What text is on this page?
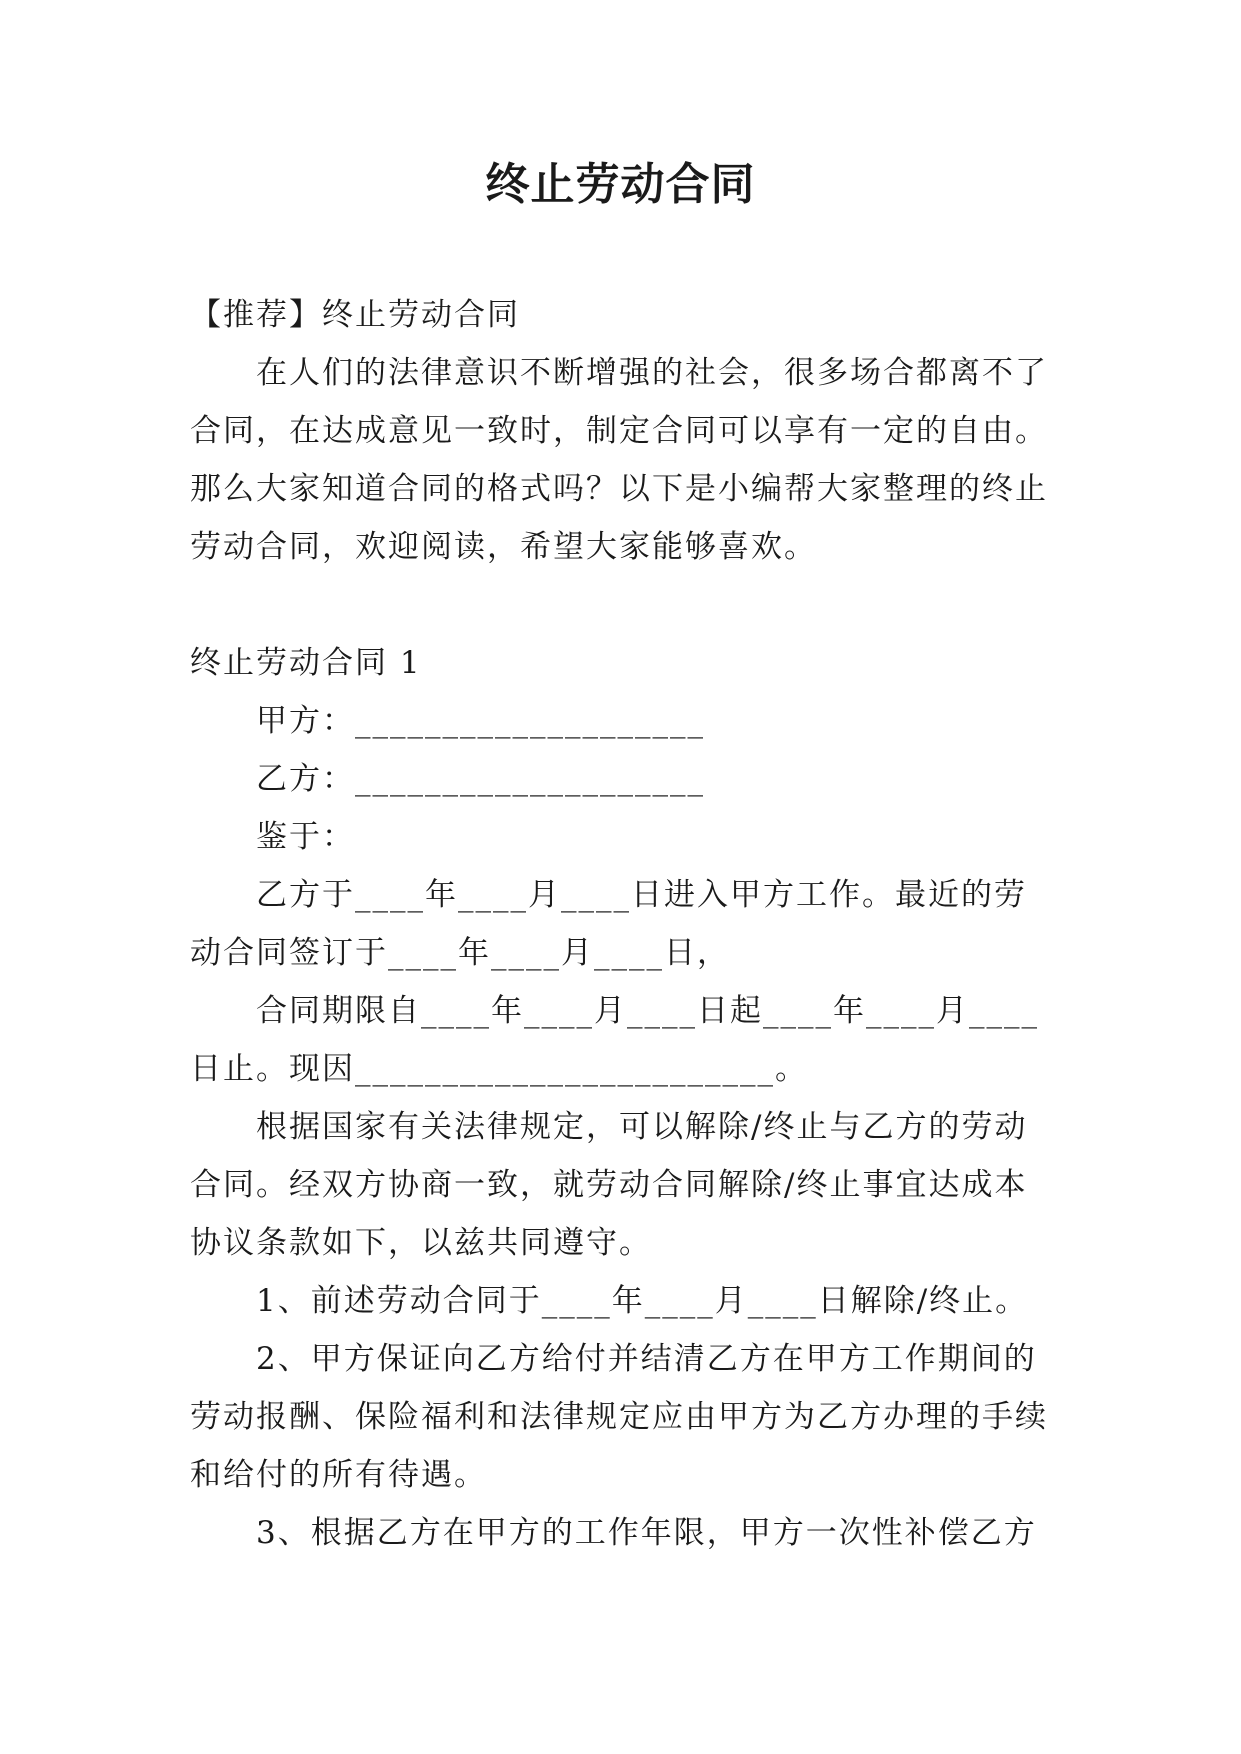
终止劳动合同

【推荐】终止劳动合同

在人们的法律意识不断增强的社会，很多场合都离不了合同，在达成意见一致时，制定合同可以享有一定的自由。那么大家知道合同的格式吗？以下是小编帮大家整理的终止劳动合同，欢迎阅读，希望大家能够喜欢。

终止劳动合同 1

甲方：____________________

乙方：____________________

鉴于：

乙方于____年____月____日进入甲方工作。最近的劳动合同签订于____年____月____日，

合同期限自____年____月____日起____年____月____日止。现因________________________。

根据国家有关法律规定，可以解除/终止与乙方的劳动合同。经双方协商一致，就劳动合同解除/终止事宜达成本协议条款如下，以兹共同遵守。

1、前述劳动合同于____年____月____日解除/终止。

2、甲方保证向乙方给付并结清乙方在甲方工作期间的劳动报酬、保险福利和法律规定应由甲方为乙方办理的手续和给付的所有待遇。

3、根据乙方在甲方的工作年限，甲方一次性补偿乙方
